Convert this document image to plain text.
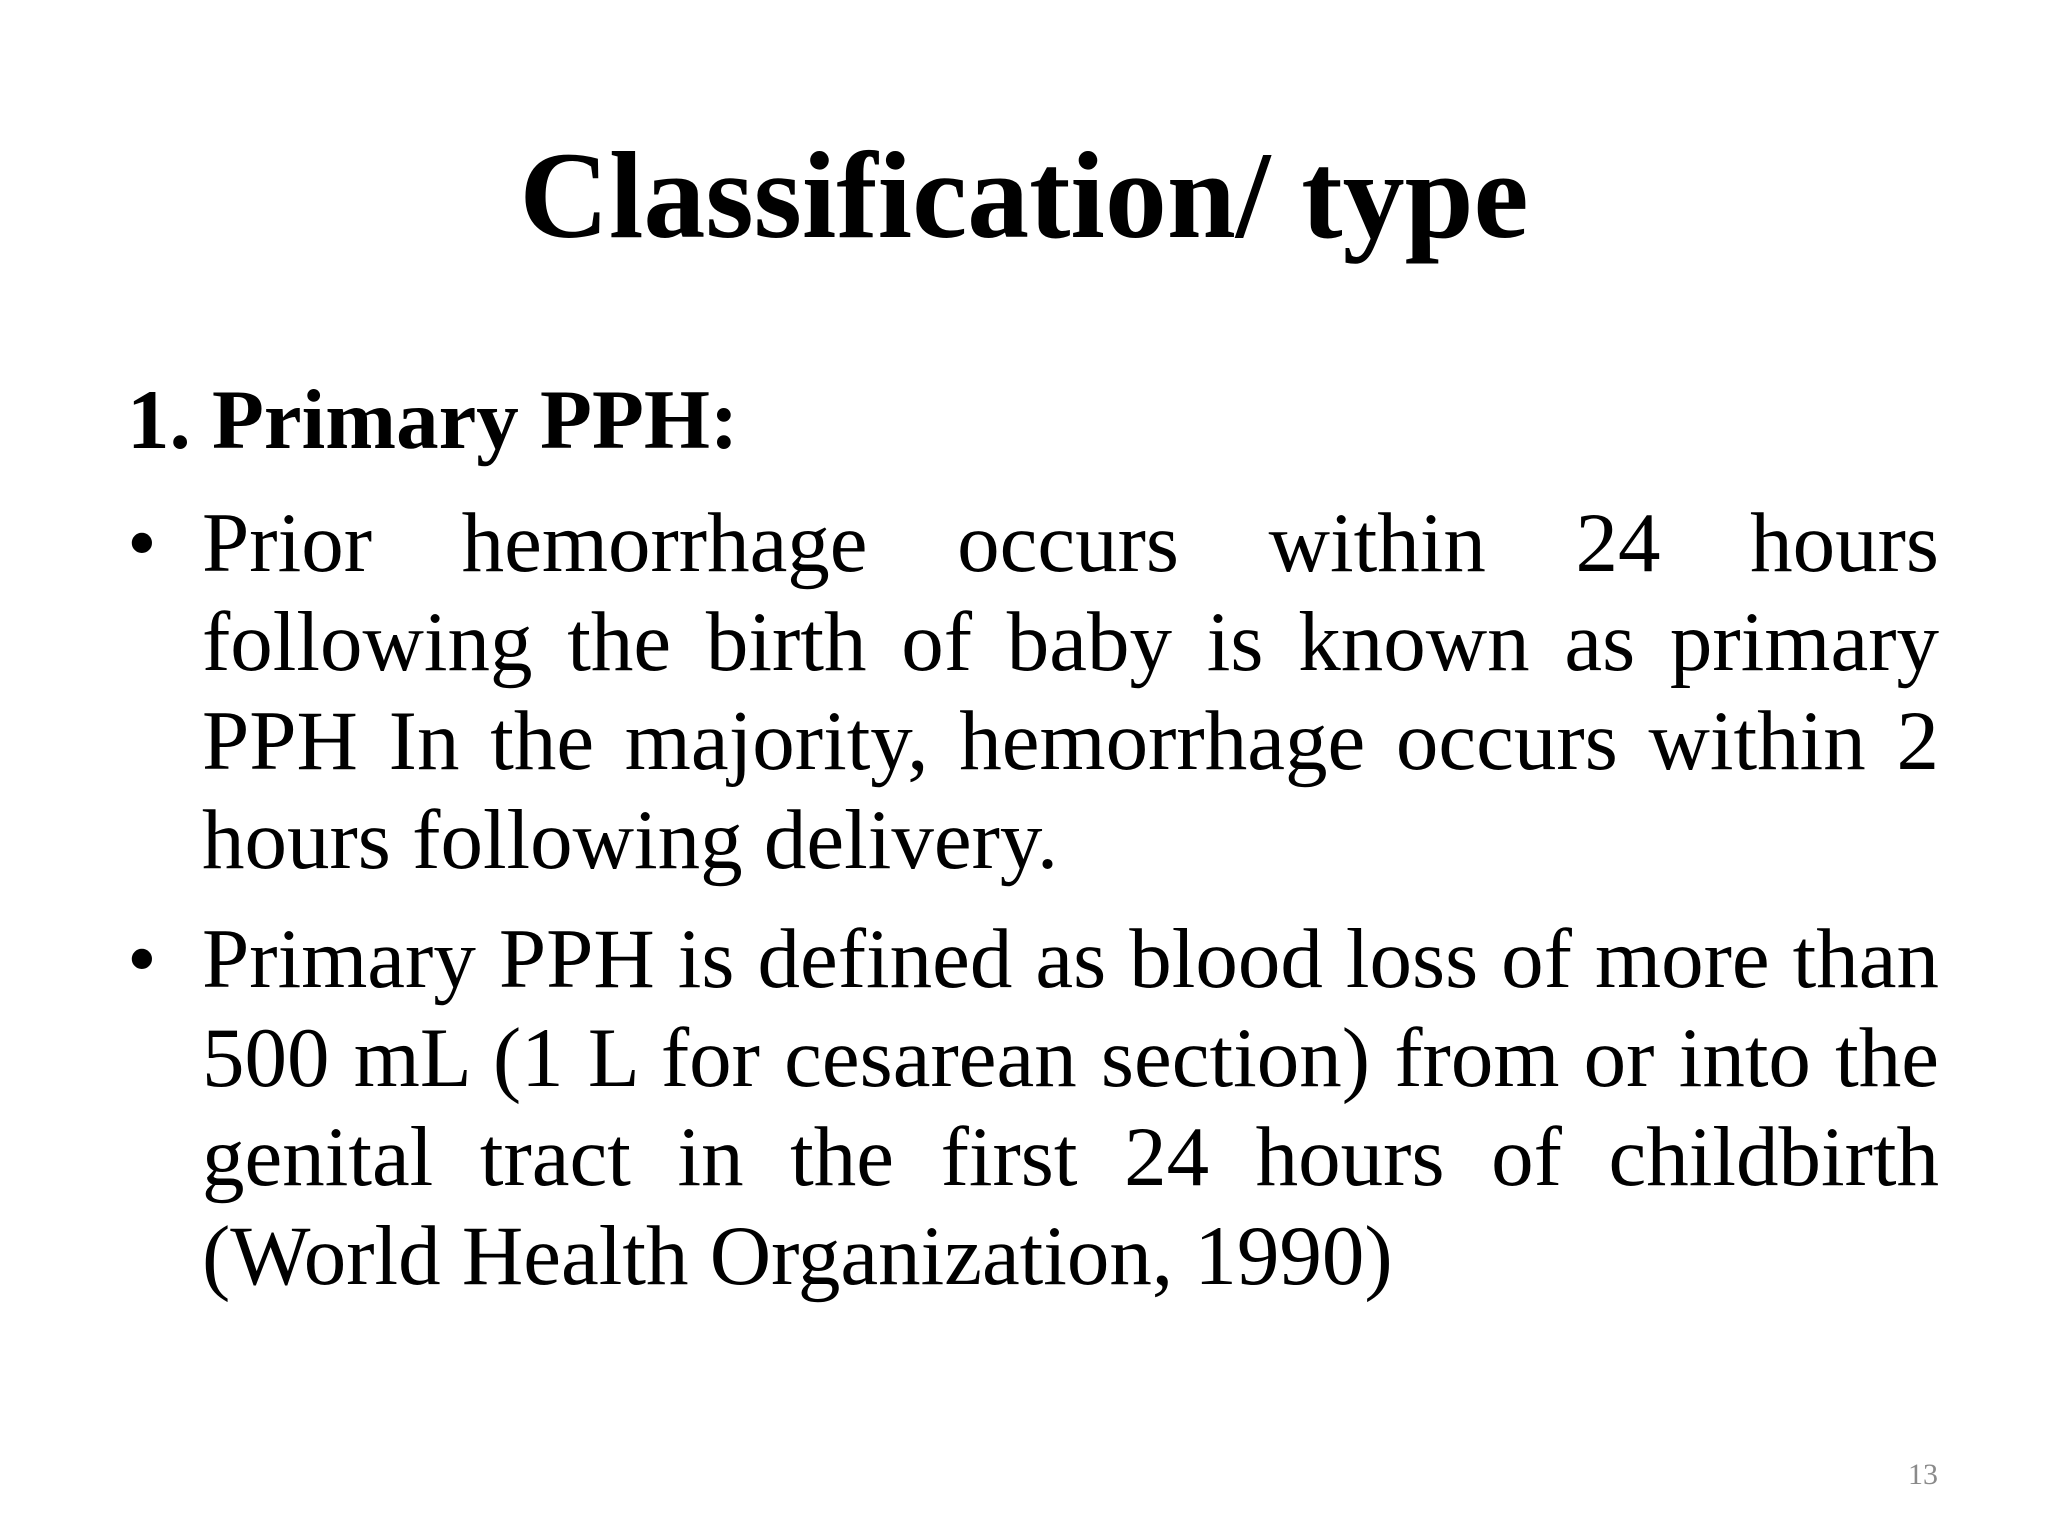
Classification/ type
1. Primary PPH:
• Prior hemorrhage occurs within 24 hours following the birth of baby is known as primary PPH In the majority, hemorrhage occurs within 2 hours following delivery.
• Primary PPH is defined as blood loss of more than 500 mL (1 L for cesarean section) from or into the genital tract in the first 24 hours of childbirth (World Health Organization, 1990)
13
